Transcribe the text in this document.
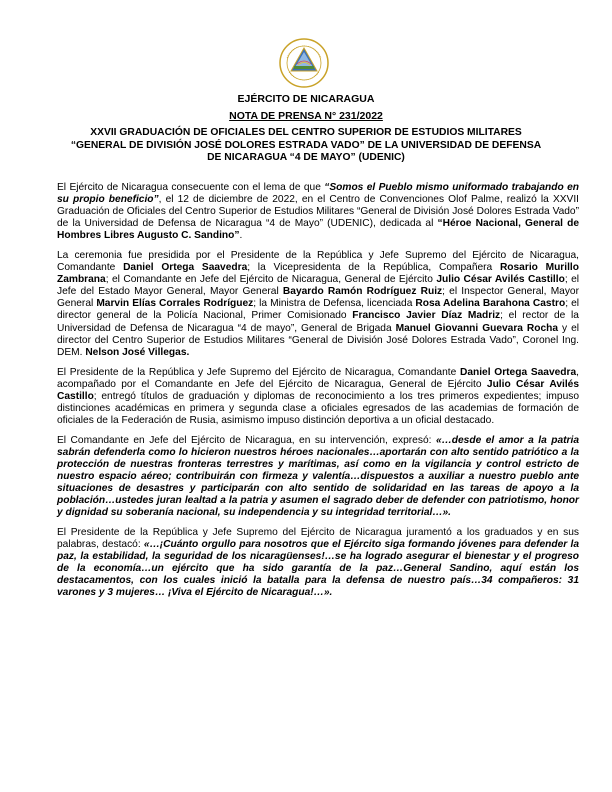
EJÉRCITO DE NICARAGUA
NOTA DE PRENSA N° 231/2022
XXVII GRADUACIÓN DE OFICIALES DEL CENTRO SUPERIOR DE ESTUDIOS MILITARES
“GENERAL DE DIVISIÓN JOSÉ DOLORES ESTRADA VADO” DE LA UNIVERSIDAD DE DEFENSA
DE NICARAGUA “4 DE MAYO” (UDENIC)

El Ejército de Nicaragua consecuente con el lema de que “Somos el Pueblo mismo uniformado trabajando en su propio beneficio”, el 12 de diciembre de 2022, en el Centro de Convenciones Olof Palme, realizó la XXVII Graduación de Oficiales del Centro Superior de Estudios Militares “General de División José Dolores Estrada Vado” de la Universidad de Defensa de Nicaragua “4 de Mayo” (UDENIC), dedicada al “Héroe Nacional, General de Hombres Libres Augusto C. Sandino”.

La ceremonia fue presidida por el Presidente de la República y Jefe Supremo del Ejército de Nicaragua, Comandante Daniel Ortega Saavedra; la Vicepresidenta de la República, Compañera Rosario Murillo Zambrana; el Comandante en Jefe del Ejército de Nicaragua, General de Ejército Julio César Avilés Castillo; el Jefe del Estado Mayor General, Mayor General Bayardo Ramón Rodríguez Ruiz; el Inspector General, Mayor General Marvin Elías Corrales Rodríguez; la Ministra de Defensa, licenciada Rosa Adelina Barahona Castro; el director general de la Policía Nacional, Primer Comisionado Francisco Javier Díaz Madriz; el rector de la Universidad de Defensa de Nicaragua “4 de mayo”, General de Brigada Manuel Giovanni Guevara Rocha y el director del Centro Superior de Estudios Militares “General de División José Dolores Estrada Vado”, Coronel Ing. DEM. Nelson José Villegas.

El Presidente de la República y Jefe Supremo del Ejército de Nicaragua, Comandante Daniel Ortega Saavedra, acompañado por el Comandante en Jefe del Ejército de Nicaragua, General de Ejército Julio César Avilés Castillo; entregó títulos de graduación y diplomas de reconocimiento a los tres primeros expedientes; impuso distinciones académicas en primera y segunda clase a oficiales egresados de las academias de formación de oficiales de la Federación de Rusia, asimismo impuso distinción deportiva a un oficial destacado.

El Comandante en Jefe del Ejército de Nicaragua, en su intervención, expresó: «…desde el amor a la patria sabrán defenderla como lo hicieron nuestros héroes nacionales…aportarán con alto sentido patriótico a la protección de nuestras fronteras terrestres y marítimas, así como en la vigilancia y control estricto de nuestro espacio aéreo; contribuirán con firmeza y valentía…dispuestos a auxiliar a nuestro pueblo ante situaciones de desastres y participarán con alto sentido de solidaridad en las tareas de apoyo a la población…ustedes juran lealtad a la patria y asumen el sagrado deber de defender con patriotismo, honor y dignidad su soberanía nacional, su independencia y su integridad territorial…».

El Presidente de la República y Jefe Supremo del Ejército de Nicaragua juramentó a los graduados y en sus palabras, destacó: «…¡Cuánto orgullo para nosotros que el Ejército siga formando jóvenes para defender la paz, la estabilidad, la seguridad de los nicaragüenses!…se ha logrado asegurar el bienestar y el progreso de la economía…un ejército que ha sido garantía de la paz…General Sandino, aquí están los destacamentos, con los cuales inició la batalla para la defensa de nuestro país…34 compañeros: 31 varones y 3 mujeres… ¡Viva el Ejército de Nicaragua!…».
